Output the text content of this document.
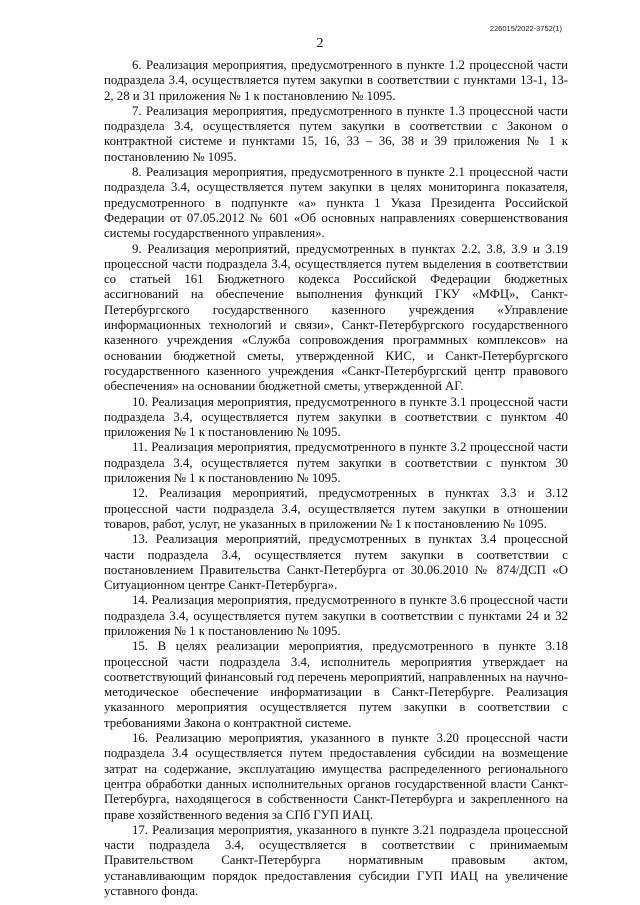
226015/2022-3752(1)
2

6. Реализация мероприятия, предусмотренного в пункте 1.2 процессной части подраздела 3.4, осуществляется путем закупки в соответствии с пунктами 13-1, 13-2, 28 и 31 приложения № 1 к постановлению № 1095.

7. Реализация мероприятия, предусмотренного в пункте 1.3 процессной части подраздела 3.4, осуществляется путем закупки в соответствии с Законом о контрактной системе и пунктами 15, 16, 33 – 36, 38 и 39 приложения № 1 к постановлению № 1095.

8. Реализация мероприятия, предусмотренного в пункте 2.1 процессной части подраздела 3.4, осуществляется путем закупки в целях мониторинга показателя, предусмотренного в подпункте «а» пункта 1 Указа Президента Российской Федерации от 07.05.2012 № 601 «Об основных направлениях совершенствования системы государственного управления».

9. Реализация мероприятий, предусмотренных в пунктах 2.2, 3.8, 3.9 и 3.19 процессной части подраздела 3.4, осуществляется путем выделения в соответствии со статьей 161 Бюджетного кодекса Российской Федерации бюджетных ассигнований на обеспечение выполнения функций ГКУ «МФЦ», Санкт-Петербургского государственного казенного учреждения «Управление информационных технологий и связи», Санкт-Петербургского государственного казенного учреждения «Служба сопровождения программных комплексов» на основании бюджетной сметы, утвержденной КИС, и Санкт-Петербургского государственного казенного учреждения «Санкт-Петербургский центр правового обеспечения» на основании бюджетной сметы, утвержденной АГ.

10. Реализация мероприятия, предусмотренного в пункте 3.1 процессной части подраздела 3.4, осуществляется путем закупки в соответствии с пунктом 40 приложения № 1 к постановлению № 1095.

11. Реализация мероприятия, предусмотренного в пункте 3.2 процессной части подраздела 3.4, осуществляется путем закупки в соответствии с пунктом 30 приложения № 1 к постановлению № 1095.

12. Реализация мероприятий, предусмотренных в пунктах 3.3 и 3.12 процессной части подраздела 3.4, осуществляется путем закупки в отношении товаров, работ, услуг, не указанных в приложении № 1 к постановлению № 1095.

13. Реализация мероприятий, предусмотренных в пунктах 3.4 процессной части подраздела 3.4, осуществляется путем закупки в соответствии с постановлением Правительства Санкт-Петербурга от 30.06.2010 № 874/ДСП «О Ситуационном центре Санкт-Петербурга».

14. Реализация мероприятия, предусмотренного в пункте 3.6 процессной части подраздела 3.4, осуществляется путем закупки в соответствии с пунктами 24 и 32 приложения № 1 к постановлению № 1095.

15. В целях реализации мероприятия, предусмотренного в пункте 3.18 процессной части подраздела 3.4, исполнитель мероприятия утверждает на соответствующий финансовый год перечень мероприятий, направленных на научно-методическое обеспечение информатизации в Санкт-Петербурге. Реализация указанного мероприятия осуществляется путем закупки в соответствии с требованиями Закона о контрактной системе.

16. Реализацию мероприятия, указанного в пункте 3.20 процессной части подраздела 3.4 осуществляется путем предоставления субсидии на возмещение затрат на содержание, эксплуатацию имущества распределенного регионального центра обработки данных исполнительных органов государственной власти Санкт-Петербурга, находящегося в собственности Санкт-Петербурга и закрепленного на праве хозяйственного ведения за СПб ГУП ИАЦ.

17. Реализация мероприятия, указанного в пункте 3.21 подраздела процессной части подраздела 3.4, осуществляется в соответствии с принимаемым Правительством Санкт-Петербурга нормативным правовым актом, устанавливающим порядок предоставления субсидии ГУП ИАЦ на увеличение уставного фонда.
